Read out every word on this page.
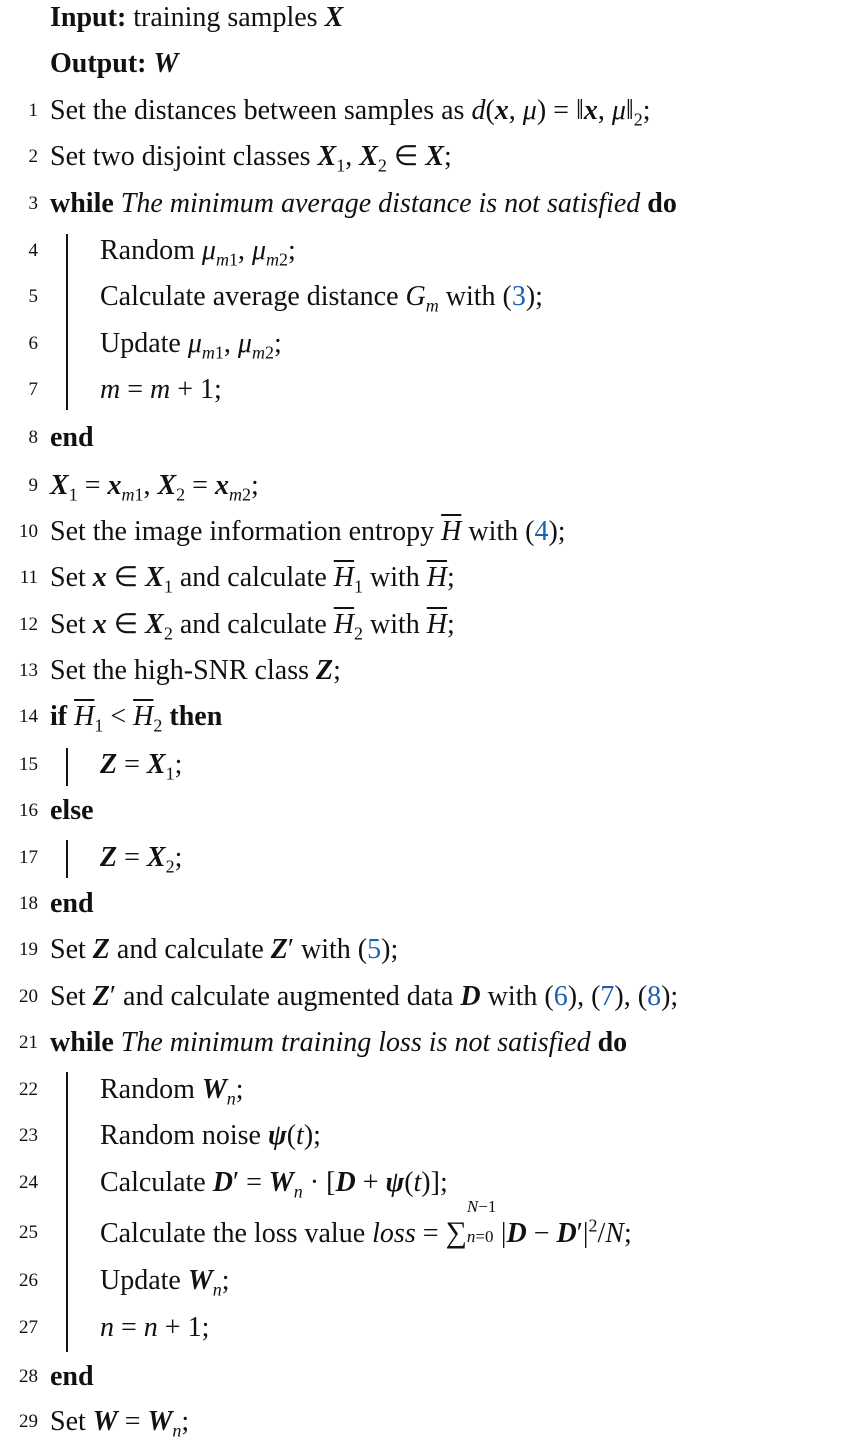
Input: training samples X
Output: W
1 Set the distances between samples as d(x, μ) = ‖x, $\mu‖_2$;
2 Set two disjoint classes $X_1$, $X_2$ ∈ X;
3 while The minimum average distance is not satisfied do
4 Random $\mu_{m1}$, $\mu_{m2}$;
5 Calculate average distance $G_m$ with (3);
6 Update $\mu_{m1}$, $\mu_{m2}$;
7 m = m + 1;
8 end
9 $X_1 = x_{m1}$, $X_2 = x_{m2}$;
10 Set the image information entropy $\overline{H}$ with (4);
11 Set x ∈ $X_1$ and calculate $\overline{H}_1$ with $\overline{H}$;
12 Set x ∈ $X_2$ and calculate $\overline{H}_2$ with $\overline{H}$;
13 Set the high-SNR class Z;
14 if $\overline{H}_1 < \overline{H}_2$ then
15 $Z = X_1$;
16 else
17 $Z = X_2$;
18 end
19 Set Z and calculate Z′ with (5);
20 Set Z′ and calculate augmented data D with (6), (7), (8);
21 while The minimum training loss is not satisfied do
22 Random $W_n$;
23 Random noise ψ(t);
24 Calculate $D' = W_n \cdot [D + \psi(t)]$;
25 Calculate the loss value loss = ∑
N−1
n=0 $|D - D'|^2/N$;
26 Update $W_n$;
27 n = n + 1;
28 end
29 Set $W = W_n$;
